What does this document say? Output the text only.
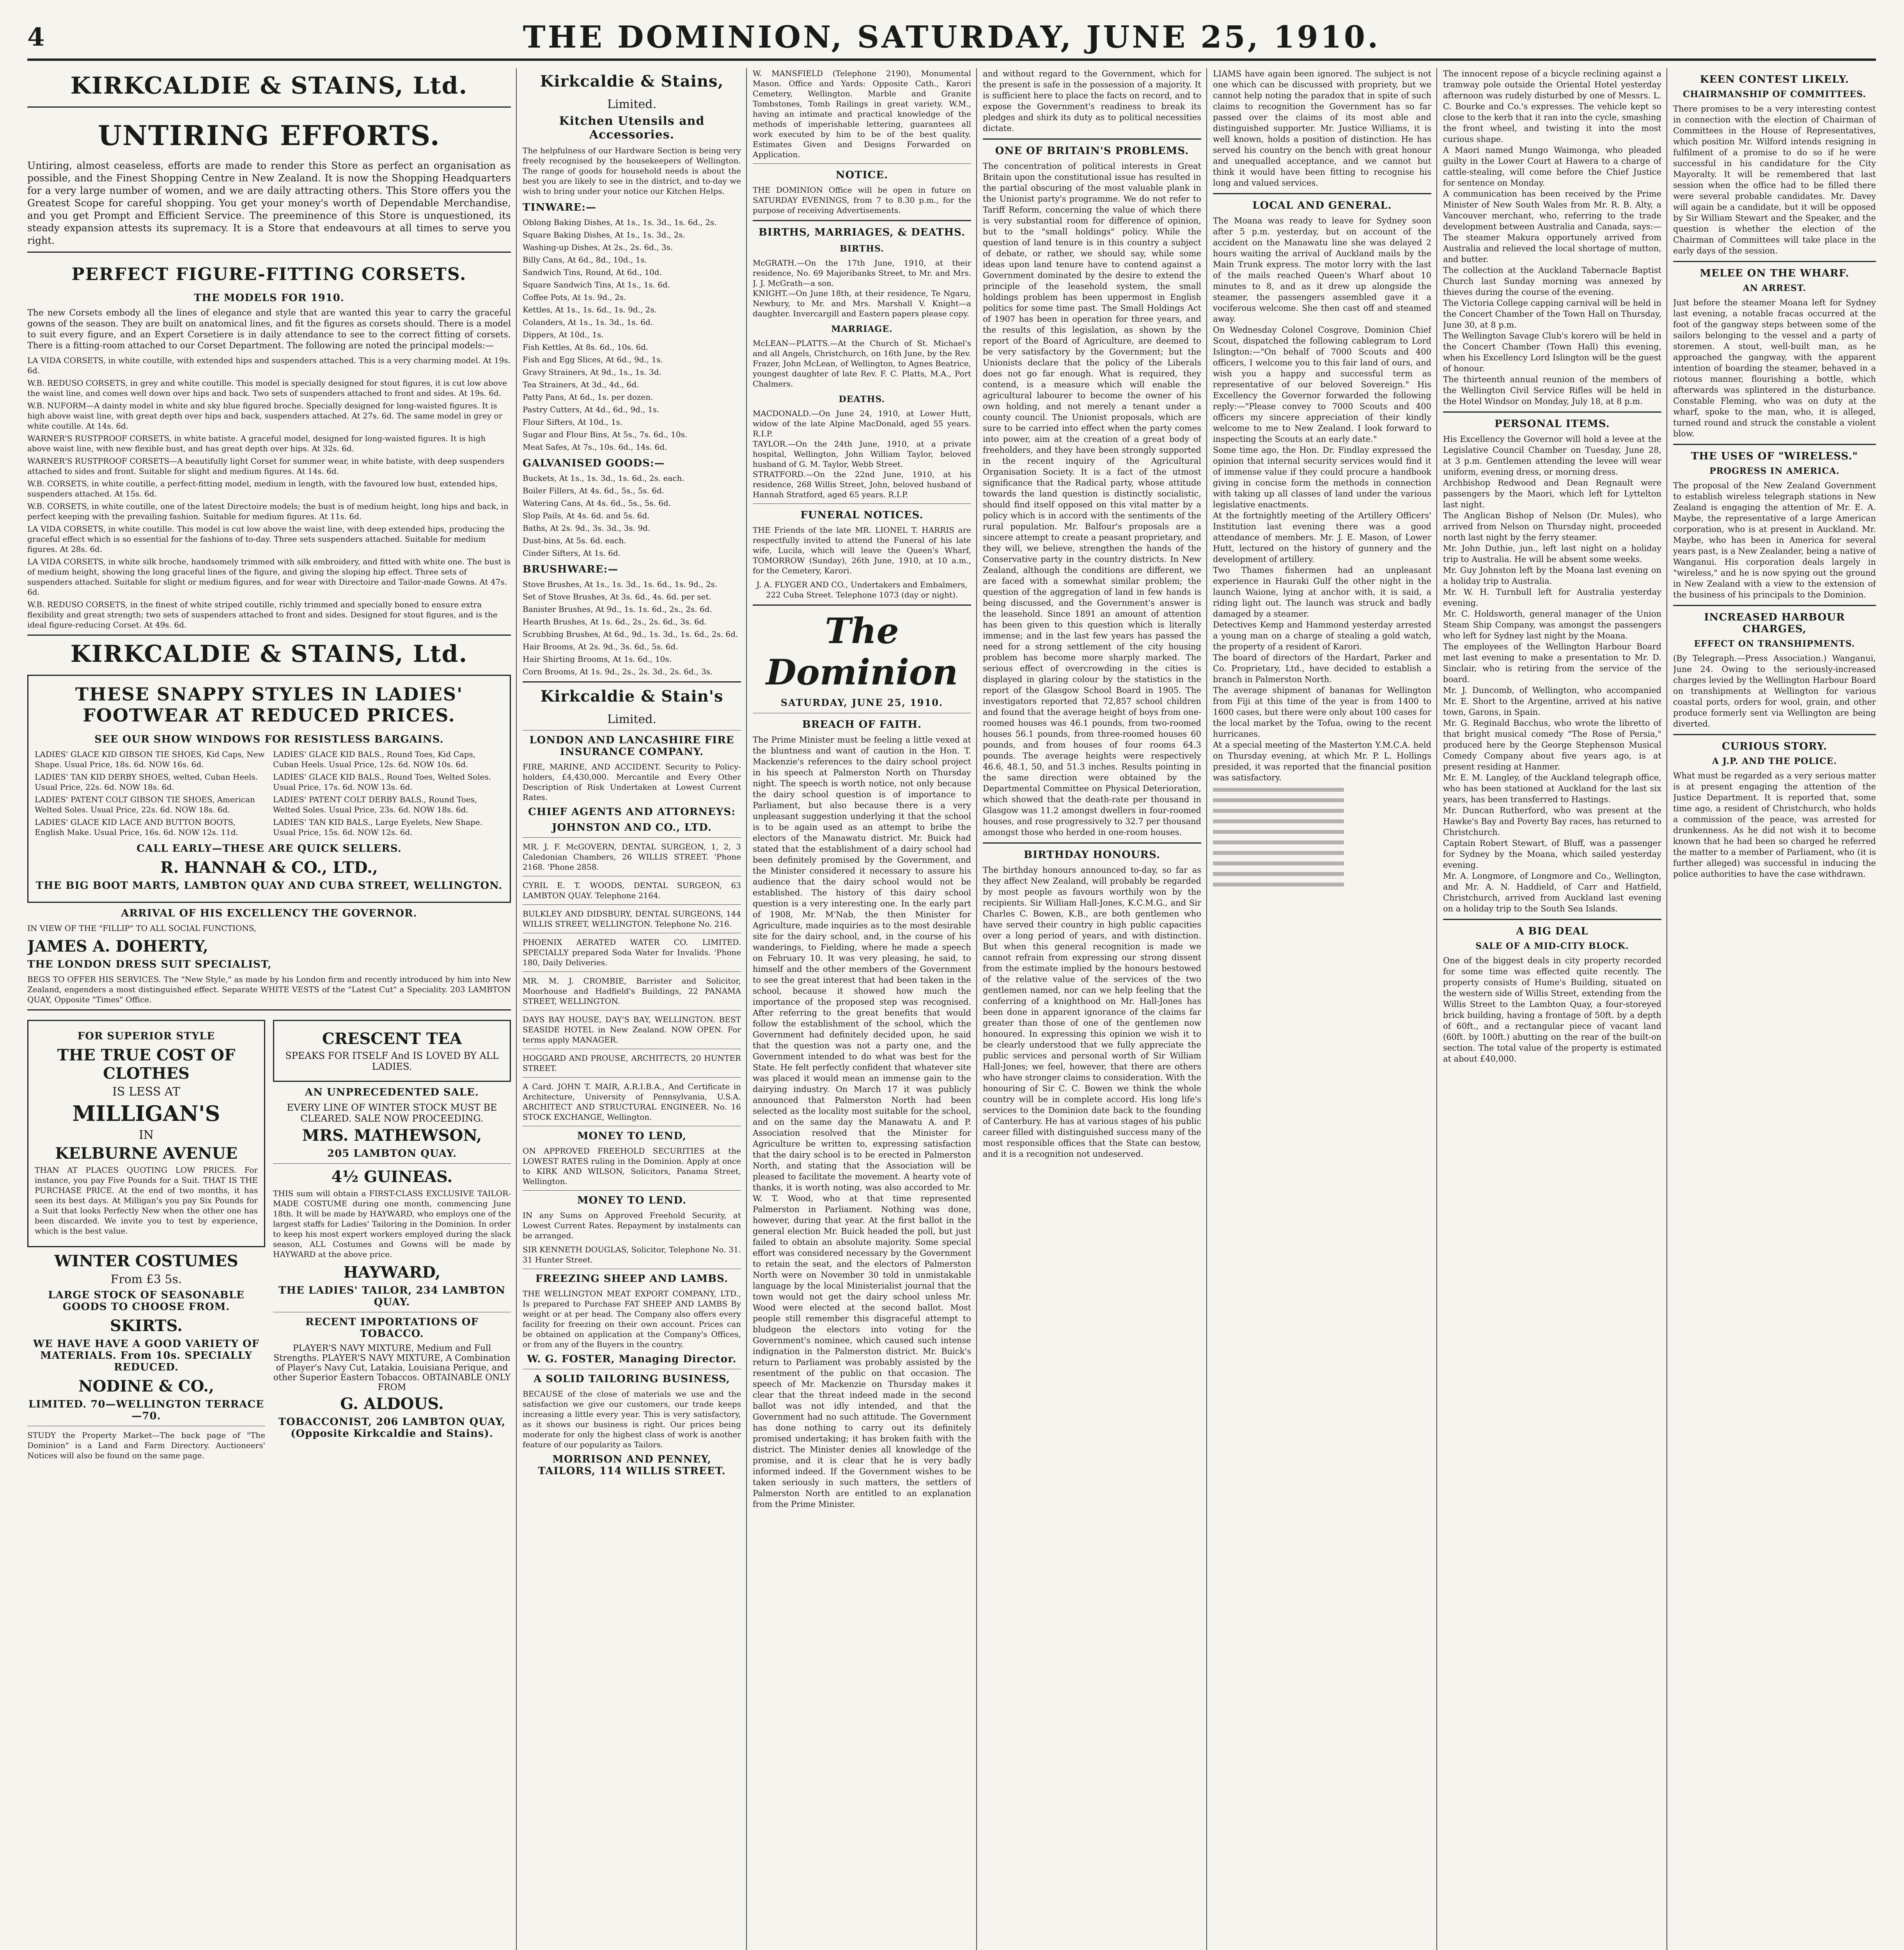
4	THE DOMINION, SATURDAY, JUNE 25, 1910.
KIRKCALDIE & STAINS, Ltd.
UNTIRING EFFORTS.
Untiring, almost ceaseless, efforts are made to render this Store as perfect an organisation as possible, and the Finest Shopping Centre in New Zealand. It is now the Shopping Headquarters for a very large number of women, and we are daily attracting others. This Store offers you the Greatest Scope for careful shopping. You get your money's worth of Dependable Merchandise, and you get Prompt and Efficient Service. The preeminence of this Store is unquestioned, its steady expansion attests its supremacy. It is a Store that endeavours at all times to serve you right.
PERFECT FIGURE-FITTING CORSETS.
THE MODELS FOR 1910.
The new Corsets embody all the lines of elegance and style that are wanted this year to carry the graceful gowns of the season. They are built on anatomical lines, and fit the figures as corsets should. There is a model to suit every figure, and an Expert Corsetiere is in daily attendance to see to the correct fitting of corsets. There is a fitting-room attached to our Corset Department. The following are noted the principal models:—
LA VIDA CORSETS, in white coutille, with extended hips and suspenders attached. This is a very charming model. At 19s. 6d.
W.B. REDUSO CORSETS, in grey and white coutille. This model is specially designed for stout figures, it is cut low above the waist line, and comes well down over hips and back. Two sets of suspenders attached to front and sides. At 19s. 6d.
W.B. NUFORM—A dainty model in white and sky blue figured broche. Specially designed for long-waisted figures. It is high above waist line, with great depth over hips and back, suspenders attached. At 27s. 6d. The same model in grey or white coutille. At 14s. 6d.
WARNER'S RUSTPROOF CORSETS, in white batiste. A graceful model, designed for long-waisted figures. It is high above waist line, with new flexible bust, and has great depth over hips. At 32s. 6d.
WARNER'S RUSTPROOF CORSETS—A beautifully light Corset for summer wear, in white batiste, with deep suspenders attached to sides and front. Suitable for slight and medium figures. At 14s. 6d.
W.B. CORSETS, in white coutille, a perfect-fitting model, medium in length, with the favoured low bust, extended hips, suspenders attached. At 15s. 6d.
W.B. CORSETS, in white coutille, one of the latest Directoire models; the bust is of medium height, long hips and back, in perfect keeping with the prevailing fashion. Suitable for medium figures. At 11s. 6d.
LA VIDA CORSETS, in white coutille. This model is cut low above the waist line, with deep extended hips, producing the graceful effect which is so essential for the fashions of to-day. Three sets suspenders attached. Suitable for medium figures. At 28s. 6d.
LA VIDA CORSETS, in white silk broche, handsomely trimmed with silk embroidery, and fitted with white one. The bust is of medium height, showing the long graceful lines of the figure, and giving the sloping hip effect. Three sets of suspenders attached. Suitable for slight or medium figures, and for wear with Directoire and Tailor-made Gowns. At 47s. 6d.
W.B. REDUSO CORSETS, in the finest of white striped coutille, richly trimmed and specially boned to ensure extra flexibility and great strength; two sets of suspenders attached to front and sides. Designed for stout figures, and is the ideal figure-reducing Corset. At 49s. 6d.
KIRKCALDIE & STAINS, Ltd.
THESE SNAPPY STYLES IN LADIES' FOOTWEAR AT REDUCED PRICES.
SEE OUR SHOW WINDOWS FOR RESISTLESS BARGAINS.
LADIES' GLACE KID GIBSON TIE SHOES, Kid Caps, New Shape. Usual Price, 18s. 6d. NOW 16s. 6d.
LADIES' TAN KID DERBY SHOES, welted, Cuban Heels. Usual Price, 22s. 6d. NOW 18s. 6d.
LADIES' PATENT COLT GIBSON TIE SHOES, American Welted Soles. Usual Price, 22s. 6d. NOW 18s. 6d.
LADIES' GLACE KID LACE AND BUTTON BOOTS, English Make. Usual Price, 16s. 6d. NOW 12s. 11d.
LADIES' GLACE KID BALS., Round Toes, Kid Caps, Cuban Heels. Usual Price, 12s. 6d. NOW 10s. 6d.
LADIES' GLACE KID BALS., Round Toes, Welted Soles. Usual Price, 17s. 6d. NOW 13s. 6d.
LADIES' PATENT COLT DERBY BALS., Round Toes, Welted Soles. Usual Price, 23s. 6d. NOW 18s. 6d.
LADIES' TAN KID BALS., Large Eyelets, New Shape. Usual Price, 15s. 6d. NOW 12s. 6d.
CALL EARLY—THESE ARE QUICK SELLERS.
R. HANNAH & CO., LTD.,
THE BIG BOOT MARTS, LAMBTON QUAY AND CUBA STREET, WELLINGTON.
ARRIVAL OF HIS EXCELLENCY THE GOVERNOR.
IN VIEW OF THE "FILLIP" TO ALL SOCIAL FUNCTIONS,
JAMES A. DOHERTY,
THE LONDON DRESS SUIT SPECIALIST,
BEGS TO OFFER HIS SERVICES. The "New Style," as made by his London firm and recently introduced by him into New Zealand, engenders a most distinguished effect. Separate WHITE VESTS of the "Latest Cut" a Speciality. 203 LAMBTON QUAY, Opposite "Times" Office.
FOR SUPERIOR STYLE
THE TRUE COST OF CLOTHES
IS LESS AT
MILLIGAN'S
IN
KELBURNE AVENUE
THAN AT PLACES QUOTING LOW PRICES. For instance, you pay Five Pounds for a Suit. THAT IS THE PURCHASE PRICE. At the end of two months, it has seen its best days. At Milligan's you pay Six Pounds for a Suit that looks Perfectly New when the other one has been discarded. We invite you to test by experience, which is the best value.
WINTER COSTUMES
From £3 5s.
LARGE STOCK OF SEASONABLE GOODS TO CHOOSE FROM.
SKIRTS.
WE HAVE HAVE A GOOD VARIETY OF MATERIALS. From 10s. SPECIALLY REDUCED.
NODINE & CO.,
LIMITED. 70—WELLINGTON TERRACE—70.
STUDY the Property Market—The back page of "The Dominion" is a Land and Farm Directory. Auctioneers' Notices will also be found on the same page.
CRESCENT TEA
SPEAKS FOR ITSELF And IS LOVED BY ALL LADIES.
AN UNPRECEDENTED SALE.
EVERY LINE OF WINTER STOCK MUST BE CLEARED. SALE NOW PROCEEDING.
MRS. MATHEWSON,
205 LAMBTON QUAY.
4½ GUINEAS.
THIS sum will obtain a FIRST-CLASS EXCLUSIVE TAILOR-MADE COSTUME during one month, commencing June 18th. It will be made by HAYWARD, who employs one of the largest staffs for Ladies' Tailoring in the Dominion. In order to keep his most expert workers employed during the slack season, ALL Costumes and Gowns will be made by HAYWARD at the above price.
HAYWARD,
THE LADIES' TAILOR, 234 LAMBTON QUAY.
RECENT IMPORTATIONS OF TOBACCO.
PLAYER'S NAVY MIXTURE, Medium and Full Strengths. PLAYER'S NAVY MIXTURE, A Combination of Player's Navy Cut, Latakia, Louisiana Perique, and other Superior Eastern Tobaccos. OBTAINABLE ONLY FROM
G. ALDOUS.
TOBACCONIST, 206 LAMBTON QUAY, (Opposite Kirkcaldie and Stains).
Kirkcaldie & Stains,
Limited.
Kitchen Utensils and Accessories.
The helpfulness of our Hardware Section is being very freely recognised by the housekeepers of Wellington. The range of goods for household needs is about the best you are likely to see in the district, and to-day we wish to bring under your notice our Kitchen Helps.
TINWARE:—
Oblong Baking Dishes, At 1s., 1s. 3d., 1s. 6d., 2s.
Square Baking Dishes, At 1s., 1s. 3d., 2s.
Washing-up Dishes, At 2s., 2s. 6d., 3s.
Billy Cans, At 6d., 8d., 10d., 1s.
Sandwich Tins, Round, At 6d., 10d.
Square Sandwich Tins, At 1s., 1s. 6d.
Coffee Pots, At 1s. 9d., 2s.
Kettles, At 1s., 1s. 6d., 1s. 9d., 2s.
Colanders, At 1s., 1s. 3d., 1s. 6d.
Dippers, At 10d., 1s.
Fish Kettles, At 8s. 6d., 10s. 6d.
Fish and Egg Slices, At 6d., 9d., 1s.
Gravy Strainers, At 9d., 1s., 1s. 3d.
Tea Strainers, At 3d., 4d., 6d.
Patty Pans, At 6d., 1s. per dozen.
Pastry Cutters, At 4d., 6d., 9d., 1s.
Flour Sifters, At 10d., 1s.
Sugar and Flour Bins, At 5s., 7s. 6d., 10s.
Meat Safes, At 7s., 10s. 6d., 14s. 6d.
GALVANISED GOODS:—
Buckets, At 1s., 1s. 3d., 1s. 6d., 2s. each.
Boiler Fillers, At 4s. 6d., 5s., 5s. 6d.
Watering Cans, At 4s. 6d., 5s., 5s. 6d.
Slop Pails, At 4s. 6d. and 5s. 6d.
Baths, At 2s. 9d., 3s. 3d., 3s. 9d.
Dust-bins, At 5s. 6d. each.
Cinder Sifters, At 1s. 6d.
BRUSHWARE:—
Stove Brushes, At 1s., 1s. 3d., 1s. 6d., 1s. 9d., 2s.
Set of Stove Brushes, At 3s. 6d., 4s. 6d. per set.
Banister Brushes, At 9d., 1s. 1s. 6d., 2s., 2s. 6d.
Hearth Brushes, At 1s. 6d., 2s., 2s. 6d., 3s. 6d.
Scrubbing Brushes, At 6d., 9d., 1s. 3d., 1s. 6d., 2s. 6d.
Hair Brooms, At 2s. 9d., 3s. 6d., 5s. 6d.
Hair Shirting Brooms, At 1s. 6d., 10s.
Corn Brooms, At 1s. 9d., 2s., 2s. 3d., 2s. 6d., 3s.
Kirkcaldie & Stain's
Limited.
LONDON AND LANCASHIRE FIRE INSURANCE COMPANY.
FIRE, MARINE, AND ACCIDENT. Security to Policy-holders, £4,430,000. Mercantile and Every Other Description of Risk Undertaken at Lowest Current Rates.
CHIEF AGENTS AND ATTORNEYS:
JOHNSTON AND CO., LTD.
MR. J. F. McGOVERN, DENTAL SURGEON, 1, 2, 3 Caledonian Chambers, 26 WILLIS STREET. 'Phone 2168. 'Phone 2858.
CYRIL E. T. WOODS, DENTAL SURGEON, 63 LAMBTON QUAY. Telephone 2164.
BULKLEY AND DIDSBURY, DENTAL SURGEONS, 144 WILLIS STREET, WELLINGTON. Telephone No. 216.
PHOENIX AERATED WATER CO. LIMITED. SPECIALLY prepared Soda Water for Invalids. 'Phone 180, Daily Deliveries.
MR. M. J. CROMBIE, Barrister and Solicitor, Moorhouse and Hadfield's Buildings, 22 PANAMA STREET, WELLINGTON.
DAYS BAY HOUSE, DAY'S BAY, WELLINGTON. BEST SEASIDE HOTEL in New Zealand. NOW OPEN. For terms apply MANAGER.
HOGGARD AND PROUSE, ARCHITECTS, 20 HUNTER STREET.
A Card. JOHN T. MAIR, A.R.I.B.A., And Certificate in Architecture, University of Pennsylvania, U.S.A. ARCHITECT AND STRUCTURAL ENGINEER. No. 16 STOCK EXCHANGE, Wellington.
MONEY TO LEND,
ON APPROVED FREEHOLD SECURITIES at the LOWEST RATES ruling in the Dominion. Apply at once to KIRK AND WILSON, Solicitors, Panama Street, Wellington.
MONEY TO LEND.
IN any Sums on Approved Freehold Security, at Lowest Current Rates. Repayment by instalments can be arranged.
SIR KENNETH DOUGLAS, Solicitor, Telephone No. 31. 31 Hunter Street.
FREEZING SHEEP AND LAMBS.
THE WELLINGTON MEAT EXPORT COMPANY, LTD., Is prepared to Purchase FAT SHEEP AND LAMBS By weight or at per head. The Company also offers every facility for freezing on their own account. Prices can be obtained on application at the Company's Offices, or from any of the Buyers in the country.
W. G. FOSTER, Managing Director.
A SOLID TAILORING BUSINESS,
BECAUSE of the close of materials we use and the satisfaction we give our customers, our trade keeps increasing a little every year. This is very satisfactory, as it shows our business is right. Our prices being moderate for only the highest class of work is another feature of our popularity as Tailors.
MORRISON AND PENNEY, TAILORS, 114 WILLIS STREET.
W. MANSFIELD (Telephone 2190), Monumental Mason. Office and Yards: Opposite Cath., Karori Cemetery, Wellington. Marble and Granite Tombstones, Tomb Railings in great variety. W.M., having an intimate and practical knowledge of the methods of imperishable lettering, guarantees all work executed by him to be of the best quality. Estimates Given and Designs Forwarded on Application.
NOTICE.
THE DOMINION Office will be open in future on SATURDAY EVENINGS, from 7 to 8.30 p.m., for the purpose of receiving Advertisements.
BIRTHS, MARRIAGES, & DEATHS.
BIRTHS.
McGRATH.—On the 17th June, 1910, at their residence, No. 69 Majoribanks Street, to Mr. and Mrs. J. J. McGrath—a son.
KNIGHT.—On June 18th, at their residence, Te Ngaru, Newbury, to Mr. and Mrs. Marshall V. Knight—a daughter. Invercargill and Eastern papers please copy.
MARRIAGE.
McLEAN—PLATTS.—At the Church of St. Michael's and all Angels, Christchurch, on 16th June, by the Rev. Frazer, John McLean, of Wellington, to Agnes Beatrice, youngest daughter of late Rev. F. C. Platts, M.A., Port Chalmers.
DEATHS.
MACDONALD.—On June 24, 1910, at Lower Hutt, widow of the late Alpine MacDonald, aged 55 years. R.I.P.
TAYLOR.—On the 24th June, 1910, at a private hospital, Wellington, John William Taylor, beloved husband of G. M. Taylor, Webb Street.
STRATFORD.—On the 22nd June, 1910, at his residence, 268 Willis Street, John, beloved husband of Hannah Stratford, aged 65 years. R.I.P.
FUNERAL NOTICES.
THE Friends of the late MR. LIONEL T. HARRIS are respectfully invited to attend the Funeral of his late wife, Lucila, which will leave the Queen's Wharf, TOMORROW (Sunday), 26th June, 1910, at 10 a.m., for the Cemetery, Karori.
J. A. FLYGER AND CO., Undertakers and Embalmers, 222 Cuba Street. Telephone 1073 (day or night).
The Dominion
SATURDAY, JUNE 25, 1910.
BREACH OF FAITH.
The Prime Minister must be feeling a little vexed at the bluntness and want of caution in the Hon. T. Mackenzie's references to the dairy school project in his speech at Palmerston North on Thursday night. The speech is worth notice, not only because the dairy school question is of importance to Parliament, but also because there is a very unpleasant suggestion underlying it that the school is to be again used as an attempt to bribe the electors of the Manawatu district. Mr. Buick had stated that the establishment of a dairy school had been definitely promised by the Government, and the Minister considered it necessary to assure his audience that the dairy school would not be established. The history of this dairy school question is a very interesting one. In the early part of 1908, Mr. M'Nab, the then Minister for Agriculture, made inquiries as to the most desirable site for the dairy school, and, in the course of his wanderings, to Fielding, where he made a speech on February 10. It was very pleasing, he said, to himself and the other members of the Government to see the great interest that had been taken in the school, because it showed how much the importance of the proposed step was recognised. After referring to the great benefits that would follow the establishment of the school, which the Government had definitely decided upon, he said that the question was not a party one, and the Government intended to do what was best for the State. He felt perfectly confident that whatever site was placed it would mean an immense gain to the dairying industry. On March 17 it was publicly announced that Palmerston North had been selected as the locality most suitable for the school, and on the same day the Manawatu A. and P. Association resolved that the Minister for Agriculture be written to, expressing satisfaction that the dairy school is to be erected in Palmerston North, and stating that the Association will be pleased to facilitate the movement. A hearty vote of thanks, it is worth noting, was also accorded to Mr. W. T. Wood, who at that time represented Palmerston in Parliament. Nothing was done, however, during that year. At the first ballot in the general election Mr. Buick headed the poll, but just failed to obtain an absolute majority. Some special effort was considered necessary by the Government to retain the seat, and the electors of Palmerston North were on November 30 told in unmistakable language by the local Ministerialist journal that the town would not get the dairy school unless Mr. Wood were elected at the second ballot. Most people still remember this disgraceful attempt to bludgeon the electors into voting for the Government's nominee, which caused such intense indignation in the Palmerston district. Mr. Buick's return to Parliament was probably assisted by the resentment of the public on that occasion. The speech of Mr. Mackenzie on Thursday makes it clear that the threat indeed made in the second ballot was not idly intended, and that the Government had no such attitude. The Government has done nothing to carry out its definitely promised undertaking; it has broken faith with the district. The Minister denies all knowledge of the promise, and it is clear that he is very badly informed indeed. If the Government wishes to be taken seriously in such matters, the settlers of Palmerston North are entitled to an explanation from the Prime Minister.
and without regard to the Government, which for the present is safe in the possession of a majority. It is sufficient here to place the facts on record, and to expose the Government's readiness to break its pledges and shirk its duty as to political necessities dictate.
ONE OF BRITAIN'S PROBLEMS.
The concentration of political interests in Great Britain upon the constitutional issue has resulted in the partial obscuring of the most valuable plank in the Unionist party's programme. We do not refer to Tariff Reform, concerning the value of which there is very substantial room for difference of opinion, but to the "small holdings" policy. While the question of land tenure is in this country a subject of debate, or rather, we should say, while some ideas upon land tenure have to contend against a Government dominated by the desire to extend the principle of the leasehold system, the small holdings problem has been uppermost in English politics for some time past. The Small Holdings Act of 1907 has been in operation for three years, and the results of this legislation, as shown by the report of the Board of Agriculture, are deemed to be very satisfactory by the Government; but the Unionists declare that the policy of the Liberals does not go far enough. What is required, they contend, is a measure which will enable the agricultural labourer to become the owner of his own holding, and not merely a tenant under a county council. The Unionist proposals, which are sure to be carried into effect when the party comes into power, aim at the creation of a great body of freeholders, and they have been strongly supported in the recent inquiry of the Agricultural Organisation Society. It is a fact of the utmost significance that the Radical party, whose attitude towards the land question is distinctly socialistic, should find itself opposed on this vital matter by a policy which is in accord with the sentiments of the rural population. Mr. Balfour's proposals are a sincere attempt to create a peasant proprietary, and they will, we believe, strengthen the hands of the Conservative party in the country districts. In New Zealand, although the conditions are different, we are faced with a somewhat similar problem; the question of the aggregation of land in few hands is being discussed, and the Government's answer is the leasehold. Since 1891 an amount of attention has been given to this question which is literally immense; and in the last few years has passed the need for a strong settlement of the city housing problem has become more sharply marked. The serious effect of overcrowding in the cities is displayed in glaring colour by the statistics in the report of the Glasgow School Board in 1905. The investigators reported that 72,857 school children and found that the average height of boys from one-roomed houses was 46.1 pounds, from two-roomed houses 56.1 pounds, from three-roomed houses 60 pounds, and from houses of four rooms 64.3 pounds. The average heights were respectively 46.6, 48.1, 50, and 51.3 inches. Results pointing in the same direction were obtained by the Departmental Committee on Physical Deterioration, which showed that the death-rate per thousand in Glasgow was 11.2 amongst dwellers in four-roomed houses, and rose progressively to 32.7 per thousand amongst those who herded in one-room houses.
BIRTHDAY HONOURS.
The birthday honours announced to-day, so far as they affect New Zealand, will probably be regarded by most people as favours worthily won by the recipients. Sir William Hall-Jones, K.C.M.G., and Sir Charles C. Bowen, K.B., are both gentlemen who have served their country in high public capacities over a long period of years, and with distinction. But when this general recognition is made we cannot refrain from expressing our strong dissent from the estimate implied by the honours bestowed of the relative value of the services of the two gentlemen named, nor can we help feeling that the conferring of a knighthood on Mr. Hall-Jones has been done in apparent ignorance of the claims far greater than those of one of the gentlemen now honoured. In expressing this opinion we wish it to be clearly understood that we fully appreciate the public services and personal worth of Sir William Hall-Jones; we feel, however, that there are others who have stronger claims to consideration. With the honouring of Sir C. C. Bowen we think the whole country will be in complete accord. His long life's services to the Dominion date back to the founding of Canterbury. He has at various stages of his public career filled with distinguished success many of the most responsible offices that the State can bestow, and it is a recognition not undeserved.
LIAMS have again been ignored. The subject is not one which can be discussed with propriety, but we cannot help noting the paradox that in spite of such claims to recognition the Government has so far passed over the claims of its most able and distinguished supporter. Mr. Justice Williams, it is well known, holds a position of distinction. He has served his country on the bench with great honour and unequalled acceptance, and we cannot but think it would have been fitting to recognise his long and valued services.
LOCAL AND GENERAL.
The Moana was ready to leave for Sydney soon after 5 p.m. yesterday, but on account of the accident on the Manawatu line she was delayed 2 hours waiting the arrival of Auckland mails by the Main Trunk express. The motor lorry with the last of the mails reached Queen's Wharf about 10 minutes to 8, and as it drew up alongside the steamer, the passengers assembled gave it a vociferous welcome. She then cast off and steamed away.
On Wednesday Colonel Cosgrove, Dominion Chief Scout, dispatched the following cablegram to Lord Islington:—"On behalf of 7000 Scouts and 400 officers, I welcome you to this fair land of ours, and wish you a happy and successful term as representative of our beloved Sovereign." His Excellency the Governor forwarded the following reply:—"Please convey to 7000 Scouts and 400 officers my sincere appreciation of their kindly welcome to me to New Zealand. I look forward to inspecting the Scouts at an early date."
Some time ago, the Hon. Dr. Findlay expressed the opinion that internal security services would find it of immense value if they could procure a handbook giving in concise form the methods in connection with taking up all classes of land under the various legislative enactments.
At the fortnightly meeting of the Artillery Officers' Institution last evening there was a good attendance of members. Mr. J. E. Mason, of Lower Hutt, lectured on the history of gunnery and the development of artillery.
Two Thames fishermen had an unpleasant experience in Hauraki Gulf the other night in the launch Waione, lying at anchor with, it is said, a riding light out. The launch was struck and badly damaged by a steamer.
Detectives Kemp and Hammond yesterday arrested a young man on a charge of stealing a gold watch, the property of a resident of Karori.
The board of directors of the Hardart, Parker and Co. Proprietary, Ltd., have decided to establish a branch in Palmerston North.
The average shipment of bananas for Wellington from Fiji at this time of the year is from 1400 to 1600 cases, but there were only about 100 cases for the local market by the Tofua, owing to the recent hurricanes.
At a special meeting of the Masterton Y.M.C.A. held on Thursday evening, at which Mr. P. L. Hollings presided, it was reported that the financial position was satisfactory.
The innocent repose of a bicycle reclining against a tramway pole outside the Oriental Hotel yesterday afternoon was rudely disturbed by one of Messrs. L. C. Bourke and Co.'s expresses. The vehicle kept so close to the kerb that it ran into the cycle, smashing the front wheel, and twisting it into the most curious shape.
A Maori named Mungo Waimonga, who pleaded guilty in the Lower Court at Hawera to a charge of cattle-stealing, will come before the Chief Justice for sentence on Monday.
A communication has been received by the Prime Minister of New South Wales from Mr. R. B. Alty, a Vancouver merchant, who, referring to the trade development between Australia and Canada, says:—The steamer Makura opportunely arrived from Australia and relieved the local shortage of mutton, and butter.
The collection at the Auckland Tabernacle Baptist Church last Sunday morning was annexed by thieves during the course of the evening.
The Victoria College capping carnival will be held in the Concert Chamber of the Town Hall on Thursday, June 30, at 8 p.m.
The Wellington Savage Club's korero will be held in the Concert Chamber (Town Hall) this evening, when his Excellency Lord Islington will be the guest of honour.
The thirteenth annual reunion of the members of the Wellington Civil Service Rifles will be held in the Hotel Windsor on Monday, July 18, at 8 p.m.
PERSONAL ITEMS.
His Excellency the Governor will hold a levee at the Legislative Council Chamber on Tuesday, June 28, at 3 p.m. Gentlemen attending the levee will wear uniform, evening dress, or morning dress.
Archbishop Redwood and Dean Regnault were passengers by the Maori, which left for Lyttelton last night.
The Anglican Bishop of Nelson (Dr. Mules), who arrived from Nelson on Thursday night, proceeded north last night by the ferry steamer.
Mr. John Duthie, jun., left last night on a holiday trip to Australia. He will be absent some weeks.
Mr. Guy Johnston left by the Moana last evening on a holiday trip to Australia.
Mr. W. H. Turnbull left for Australia yesterday evening.
Mr. C. Holdsworth, general manager of the Union Steam Ship Company, was amongst the passengers who left for Sydney last night by the Moana.
The employees of the Wellington Harbour Board met last evening to make a presentation to Mr. D. Sinclair, who is retiring from the service of the board.
Mr. J. Duncomb, of Wellington, who accompanied Mr. E. Short to the Argentine, arrived at his native town, Garons, in Spain.
Mr. G. Reginald Bacchus, who wrote the libretto of that bright musical comedy "The Rose of Persia," produced here by the George Stephenson Musical Comedy Company about five years ago, is at present residing at Hanmer.
Mr. E. M. Langley, of the Auckland telegraph office, who has been stationed at Auckland for the last six years, has been transferred to Hastings.
Mr. Duncan Rutherford, who was present at the Hawke's Bay and Poverty Bay races, has returned to Christchurch.
Captain Robert Stewart, of Bluff, was a passenger for Sydney by the Moana, which sailed yesterday evening.
Mr. A. Longmore, of Longmore and Co., Wellington, and Mr. A. N. Haddield, of Carr and Hatfield, Christchurch, arrived from Auckland last evening on a holiday trip to the South Sea Islands.
A BIG DEAL
SALE OF A MID-CITY BLOCK.
One of the biggest deals in city property recorded for some time was effected quite recently. The property consists of Hume's Building, situated on the western side of Willis Street, extending from the Willis Street to the Lambton Quay, a four-storeyed brick building, having a frontage of 50ft. by a depth of 60ft., and a rectangular piece of vacant land (60ft. by 100ft.) abutting on the rear of the built-on section. The total value of the property is estimated at about £40,000.
KEEN CONTEST LIKELY.
CHAIRMANSHIP OF COMMITTEES.
There promises to be a very interesting contest in connection with the election of Chairman of Committees in the House of Representatives, which position Mr. Wilford intends resigning in fulfilment of a promise to do so if he were successful in his candidature for the City Mayoralty. It will be remembered that last session when the office had to be filled there were several probable candidates. Mr. Davey will again be a candidate, but it will be opposed by Sir William Stewart and the Speaker, and the question is whether the election of the Chairman of Committees will take place in the early days of the session.
MELEE ON THE WHARF.
AN ARREST.
Just before the steamer Moana left for Sydney last evening, a notable fracas occurred at the foot of the gangway steps between some of the sailors belonging to the vessel and a party of storemen. A stout, well-built man, as he approached the gangway, with the apparent intention of boarding the steamer, behaved in a riotous manner, flourishing a bottle, which afterwards was splintered in the disturbance. Constable Fleming, who was on duty at the wharf, spoke to the man, who, it is alleged, turned round and struck the constable a violent blow.
THE USES OF "WIRELESS."
PROGRESS IN AMERICA.
The proposal of the New Zealand Government to establish wireless telegraph stations in New Zealand is engaging the attention of Mr. E. A. Maybe, the representative of a large American corporation, who is at present in Auckland. Mr. Maybe, who has been in America for several years past, is a New Zealander, being a native of Wanganui. His corporation deals largely in "wireless," and he is now spying out the ground in New Zealand with a view to the extension of the business of his principals to the Dominion.
INCREASED HARBOUR CHARGES,
EFFECT ON TRANSHIPMENTS.
(By Telegraph.—Press Association.) Wanganui, June 24. Owing to the seriously-increased charges levied by the Wellington Harbour Board on transhipments at Wellington for various coastal ports, orders for wool, grain, and other produce formerly sent via Wellington are being diverted.
CURIOUS STORY.
A J.P. AND THE POLICE.
What must be regarded as a very serious matter is at present engaging the attention of the Justice Department. It is reported that, some time ago, a resident of Christchurch, who holds a commission of the peace, was arrested for drunkenness. As he did not wish it to become known that he had been so charged he referred the matter to a member of Parliament, who (it is further alleged) was successful in inducing the police authorities to have the case withdrawn.
